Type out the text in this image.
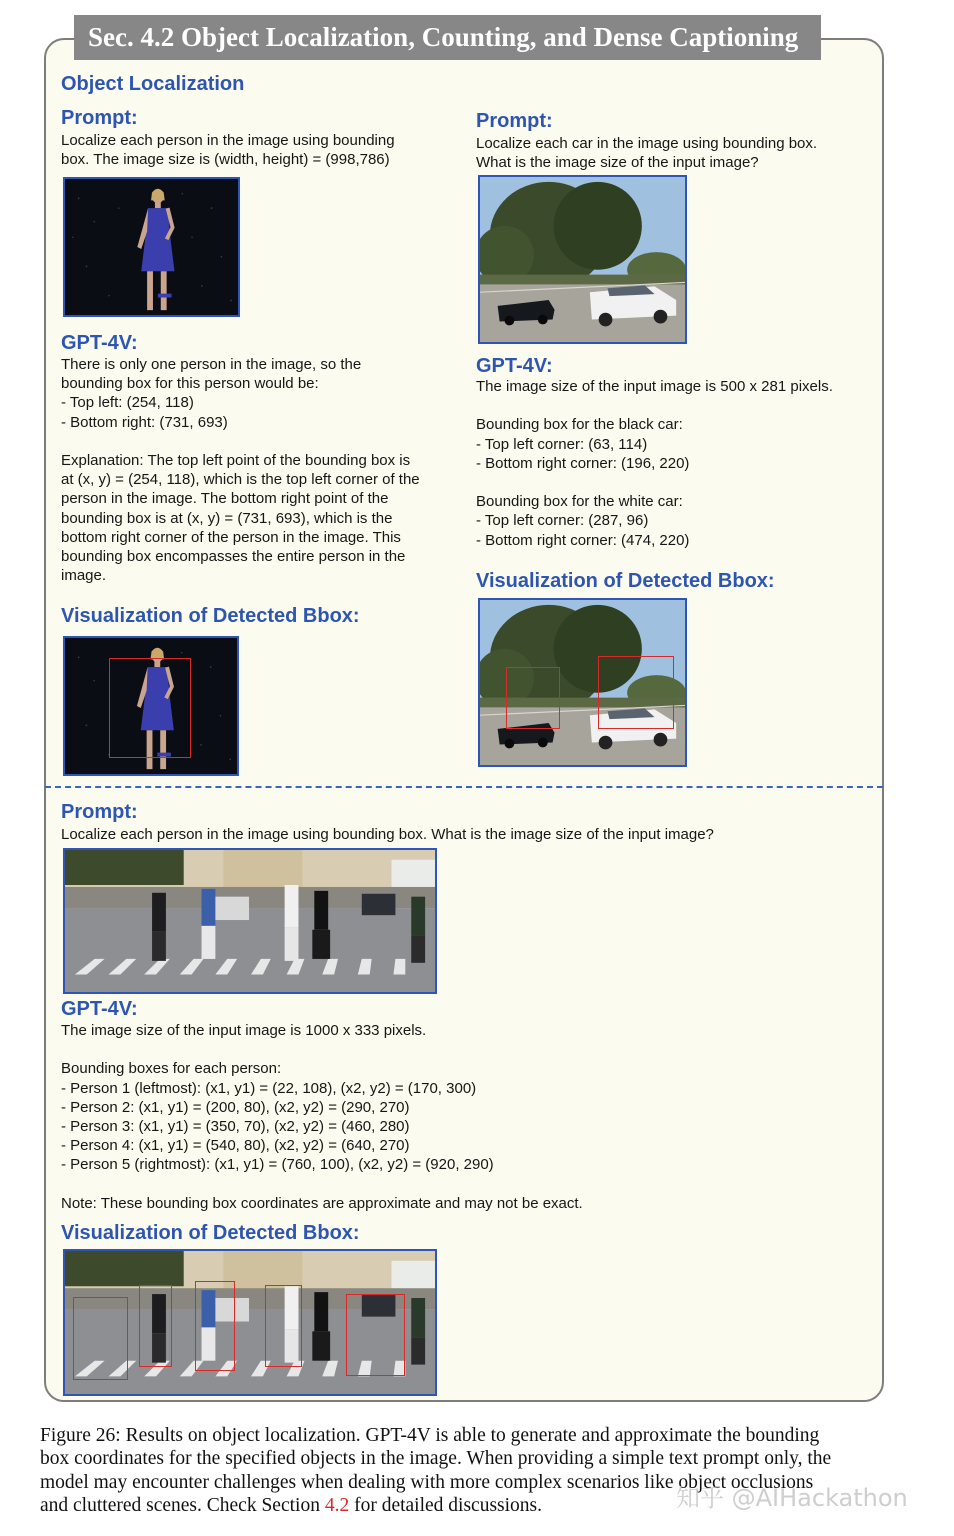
Sec. 4.2 Object Localization, Counting, and Dense Captioning
Object Localization
Prompt:
Localize each person in the image using bounding
box. The image size is (width, height) = (998,786)
GPT-4V:
There is only one person in the image, so the
bounding box for this person would be:
- Top left: (254, 118)
- Bottom right: (731, 693)
Explanation: The top left point of the bounding box is
at (x, y) = (254, 118), which is the top left corner of the
person in the image. The bottom right point of the
bounding box is at (x, y) = (731, 693), which is the
bottom right corner of the person in the image. This
bounding box encompasses the entire person in the
image.
Visualization of Detected Bbox:
Prompt:
Localize each car in the image using bounding box.
What is the image size of the input image?
GPT-4V:
The image size of the input image is 500 x 281 pixels.
Bounding box for the black car:
- Top left corner: (63, 114)
- Bottom right corner: (196, 220)
Bounding box for the white car:
- Top left corner: (287, 96)
- Bottom right corner: (474, 220)
Visualization of Detected Bbox:
Prompt:
Localize each person in the image using bounding box. What is the image size of the input image?
GPT-4V:
The image size of the input image is 1000 x 333 pixels.
Bounding boxes for each person:
- Person 1 (leftmost): (x1, y1) = (22, 108), (x2, y2) = (170, 300)
- Person 2: (x1, y1) = (200, 80), (x2, y2) = (290, 270)
- Person 3: (x1, y1) = (350, 70), (x2, y2) = (460, 280)
- Person 4: (x1, y1) = (540, 80), (x2, y2) = (640, 270)
- Person 5 (rightmost): (x1, y1) = (760, 100), (x2, y2) = (920, 290)
Note: These bounding box coordinates are approximate and may not be exact.
Visualization of Detected Bbox:
Figure 26: Results on object localization. GPT-4V is able to generate and approximate the bounding
box coordinates for the specified objects in the image. When providing a simple text prompt only, the
model may encounter challenges when dealing with more complex scenarios like object occlusions
and cluttered scenes. Check Section 4.2 for detailed discussions.	知乎 @AIHackathon
